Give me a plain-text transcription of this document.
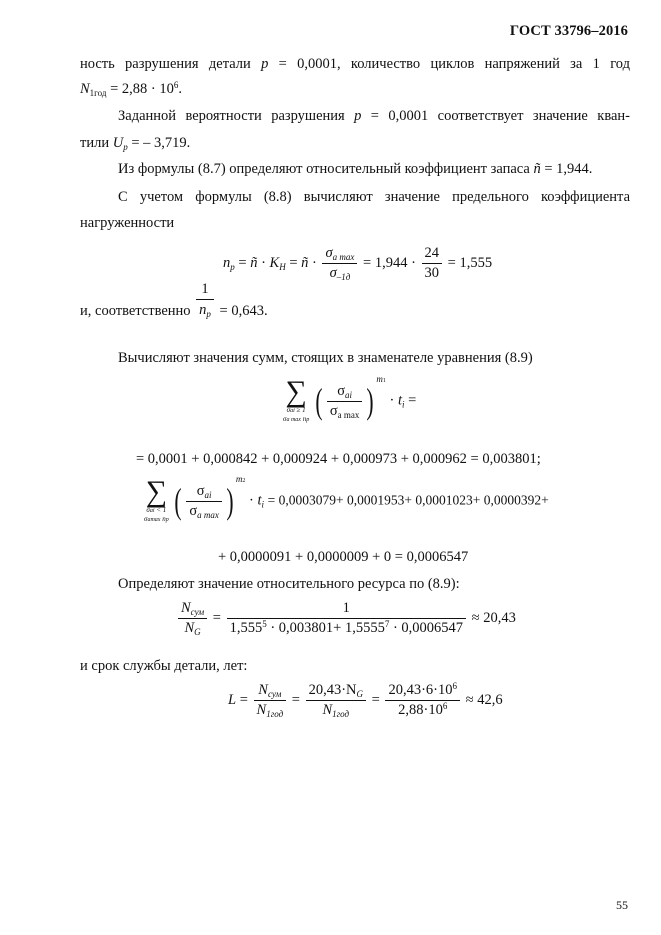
ГОСТ 33796–2016
ность разрушения детали p = 0,0001, количество циклов напряжений за 1 год
$N_{1год} = 2,88 \cdot 10^6$.
Заданной вероятности разрушения p = 0,0001 соответствует значение кван-
тили $U_p$ = – 3,719.
Из формулы (8.7) определяют относительный коэффициент запаса ñ = 1,944.
С учетом формулы (8.8) вычисляют значение предельного коэффициента
нагруженности
$n_p$ = ñ · $K_H$ = ñ · $\frac{\sigma_{a max}}{\sigma_{-1д}} = 1,944 \cdot \frac{24}{30} = 1,555$
и, соответственно $\frac{1}{n_p} = 0,643$.
Вычисляют значения сумм, стоящих в знаменателе уравнения (8.9)
∑
σai ≥ 1
σa max np ( $\frac{\sigma_{ai}}{\sigma_{a max}} )^{m1} \cdot t_i$ =
= 0,0001 + 0,000842 + 0,000924 + 0,000973 + 0,000962 = 0,003801;
∑
σai < 1
σamax np ( $\frac{\sigma_{ai}}{\sigma_{a max}} )^{m2} \cdot t_i = 0,0003079+ 0,0001953+ 0,0001023+ 0,0000392+$
+ 0,0000091 + 0,0000009 + 0 = 0,0006547
Определяют значение относительного ресурса по (8.9):
$\frac{N_{сум}}{N_G} = \frac{1}{1,555^5 \cdot 0,003801+ 1,5555^7 \cdot 0,0006547} \approx 20,43$
и срок службы детали, лет:
$L = \frac{N_{сум}}{N_{1год}} = \frac{20,43\cdot N_G}{N_{1год}} = \frac{20,43\cdot 6\cdot 10^6}{2,88\cdot 10^6} \approx 42,6$
55
